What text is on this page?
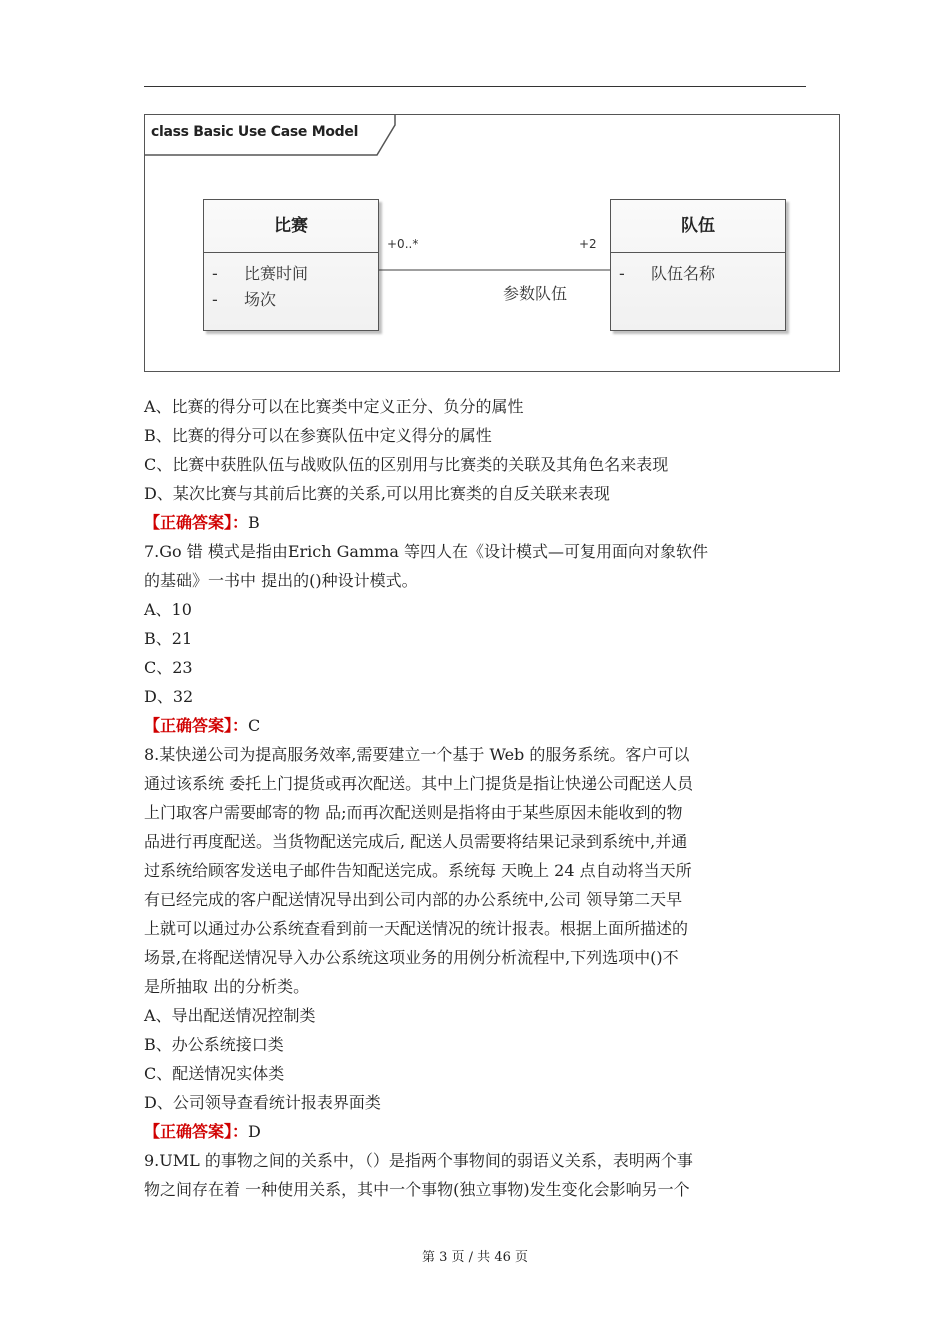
class Basic Use Case Model
比赛
- 比赛时间
- 场次
队伍
- 队伍名称
+0..*	+2
参数队伍
A、比赛的得分可以在比赛类中定义正分、负分的属性
B、比赛的得分可以在参赛队伍中定义得分的属性
C、比赛中获胜队伍与战败队伍的区别用与比赛类的关联及其角色名来表现
D、某次比赛与其前后比赛的关系,可以用比赛类的自反关联来表现
【正确答案】：B
7.Go 错 模式是指由Erich Gamma 等四人在《设计模式—可复用面向对象软件
的基础》一书中 提出的()种设计模式。
A、10
B、21
C、23
D、32
【正确答案】：C
8.某快递公司为提高服务效率,需要建立一个基于 Web 的服务系统。客户可以
通过该系统 委托上门提货或再次配送。其中上门提货是指让快递公司配送人员
上门取客户需要邮寄的物 品;而再次配送则是指将由于某些原因未能收到的物
品进行再度配送。当货物配送完成后, 配送人员需要将结果记录到系统中,并通
过系统给顾客发送电子邮件告知配送完成。系统每 天晚上 24 点自动将当天所
有已经完成的客户配送情况导出到公司内部的办公系统中,公司 领导第二天早
上就可以通过办公系统查看到前一天配送情况的统计报表。根据上面所描述的
场景,在将配送情况导入办公系统这项业务的用例分析流程中,下列选项中()不
是所抽取 出的分析类。
A、导出配送情况控制类
B、办公系统接口类
C、配送情况实体类
D、公司领导查看统计报表界面类
【正确答案】：D
9.UML 的事物之间的关系中，（）是指两个事物间的弱语义关系，表明两个事
物之间存在着 一种使用关系，其中一个事物(独立事物)发生变化会影响另一个
第 3 页 / 共 46 页
